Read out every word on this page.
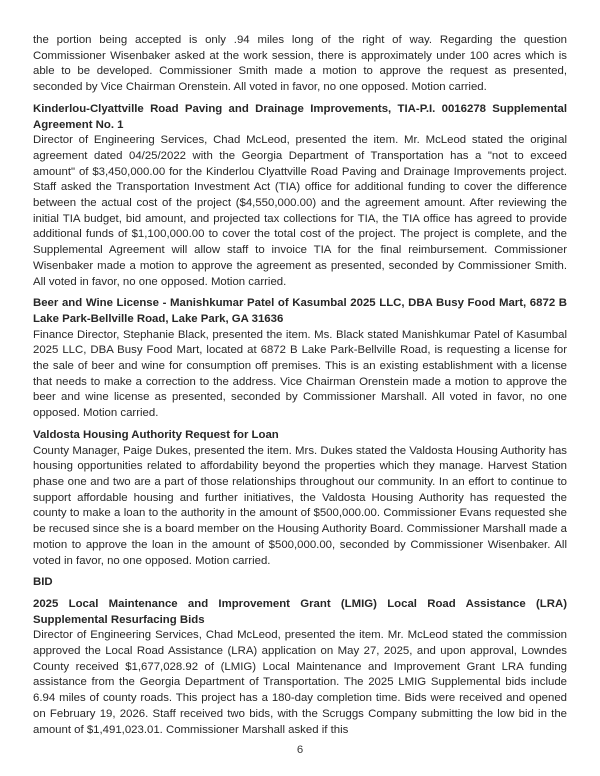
the portion being accepted is only .94 miles long of the right of way. Regarding the question Commissioner Wisenbaker asked at the work session, there is approximately under 100 acres which is able to be developed. Commissioner Smith made a motion to approve the request as presented, seconded by Vice Chairman Orenstein. All voted in favor, no one opposed. Motion carried.

Kinderlou-Clyattville Road Paving and Drainage Improvements, TIA-P.I. 0016278 Supplemental Agreement No. 1

Director of Engineering Services, Chad McLeod, presented the item. Mr. McLeod stated the original agreement dated 04/25/2022 with the Georgia Department of Transportation has a "not to exceed amount" of $3,450,000.00 for the Kinderlou Clyattville Road Paving and Drainage Improvements project. Staff asked the Transportation Investment Act (TIA) office for additional funding to cover the difference between the actual cost of the project ($4,550,000.00) and the agreement amount. After reviewing the initial TIA budget, bid amount, and projected tax collections for TIA, the TIA office has agreed to provide additional funds of $1,100,000.00 to cover the total cost of the project. The project is complete, and the Supplemental Agreement will allow staff to invoice TIA for the final reimbursement. Commissioner Wisenbaker made a motion to approve the agreement as presented, seconded by Commissioner Smith. All voted in favor, no one opposed. Motion carried.

Beer and Wine License - Manishkumar Patel of Kasumbal 2025 LLC, DBA Busy Food Mart, 6872 B Lake Park-Bellville Road, Lake Park, GA 31636

Finance Director, Stephanie Black, presented the item. Ms. Black stated Manishkumar Patel of Kasumbal 2025 LLC, DBA Busy Food Mart, located at 6872 B Lake Park-Bellville Road, is requesting a license for the sale of beer and wine for consumption off premises. This is an existing establishment with a license that needs to make a correction to the address. Vice Chairman Orenstein made a motion to approve the beer and wine license as presented, seconded by Commissioner Marshall. All voted in favor, no one opposed. Motion carried.

Valdosta Housing Authority Request for Loan

County Manager, Paige Dukes, presented the item. Mrs. Dukes stated the Valdosta Housing Authority has housing opportunities related to affordability beyond the properties which they manage. Harvest Station phase one and two are a part of those relationships throughout our community. In an effort to continue to support affordable housing and further initiatives, the Valdosta Housing Authority has requested the county to make a loan to the authority in the amount of $500,000.00. Commissioner Evans requested she be recused since she is a board member on the Housing Authority Board. Commissioner Marshall made a motion to approve the loan in the amount of $500,000.00, seconded by Commissioner Wisenbaker. All voted in favor, no one opposed. Motion carried.

BID

2025 Local Maintenance and Improvement Grant (LMIG) Local Road Assistance (LRA) Supplemental Resurfacing Bids

Director of Engineering Services, Chad McLeod, presented the item. Mr. McLeod stated the commission approved the Local Road Assistance (LRA) application on May 27, 2025, and upon approval, Lowndes County received $1,677,028.92 of (LMIG) Local Maintenance and Improvement Grant LRA funding assistance from the Georgia Department of Transportation. The 2025 LMIG Supplemental bids include 6.94 miles of county roads. This project has a 180-day completion time. Bids were received and opened on February 19, 2026. Staff received two bids, with the Scruggs Company submitting the low bid in the amount of $1,491,023.01. Commissioner Marshall asked if this

6
